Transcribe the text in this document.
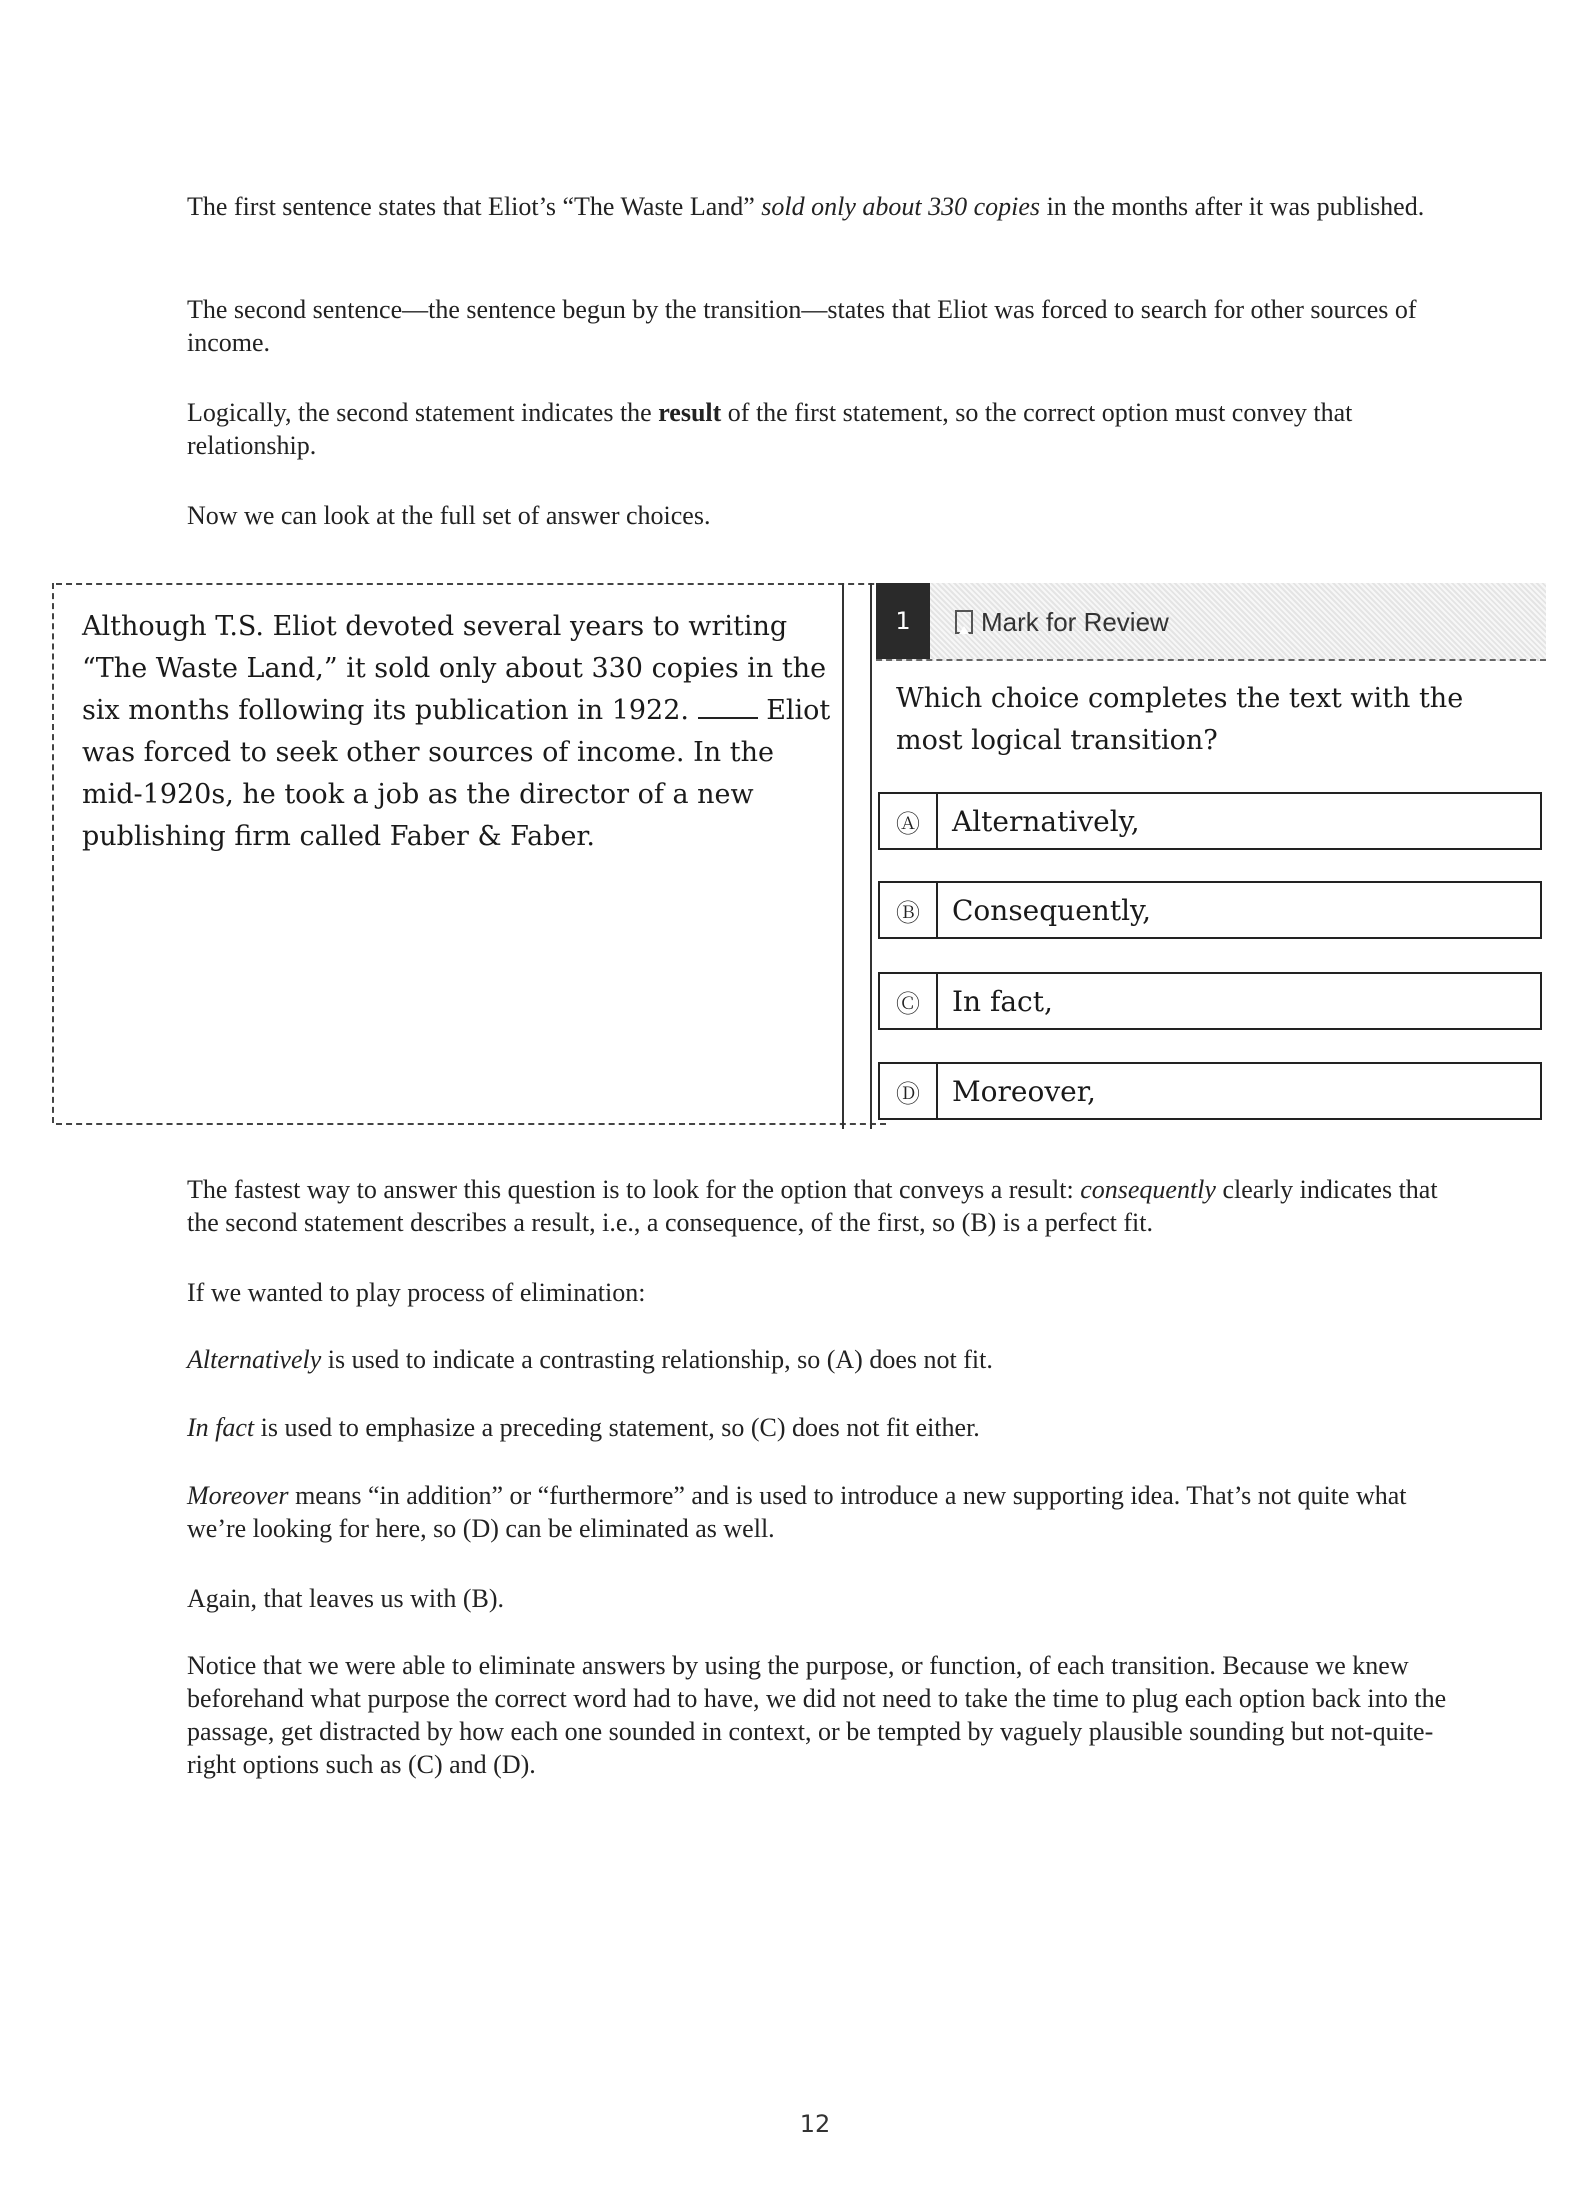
The first sentence states that Eliot’s “The Waste Land” sold only about 330 copies in the months after it was published.

The second sentence—the sentence begun by the transition—states that Eliot was forced to search for other sources of income.

Logically, the second statement indicates the result of the first statement, so the correct option must convey that relationship.

Now we can look at the full set of answer choices.

Although T.S. Eliot devoted several years to writing “The Waste Land,” it sold only about 330 copies in the six months following its publication in 1922.	Eliot was forced to seek other sources of income. In the mid-1920s, he took a job as the director of a new publishing firm called Faber & Faber.

1	Mark for Review

Which choice completes the text with the most logical transition?

Ⓐ	Alternatively,
Ⓑ	Consequently,
Ⓒ	In fact,
Ⓓ	Moreover,

The fastest way to answer this question is to look for the option that conveys a result: consequently clearly indicates that the second statement describes a result, i.e., a consequence, of the first, so (B) is a perfect fit.

If we wanted to play process of elimination:

Alternatively is used to indicate a contrasting relationship, so (A) does not fit.

In fact is used to emphasize a preceding statement, so (C) does not fit either.

Moreover means “in addition” or “furthermore” and is used to introduce a new supporting idea. That’s not quite what we’re looking for here, so (D) can be eliminated as well.

Again, that leaves us with (B).

Notice that we were able to eliminate answers by using the purpose, or function, of each transition. Because we knew beforehand what purpose the correct word had to have, we did not need to take the time to plug each option back into the passage, get distracted by how each one sounded in context, or be tempted by vaguely plausible sounding but not-quite-right options such as (C) and (D).

12
